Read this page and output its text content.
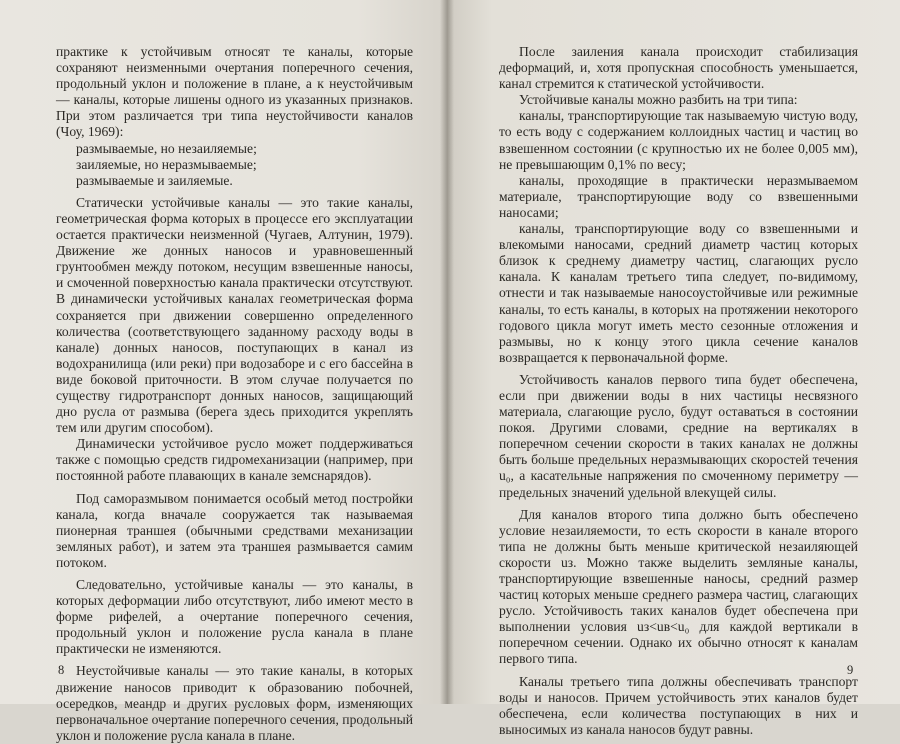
практике к устойчивым относят те каналы, которые сохраняют неизменными очертания поперечного сечения, продольный уклон и положение в плане, а к неустойчивым — каналы, которые лишены одного из указанных признаков. При этом различается три типа неустойчивости каналов (Чоу, 1969):

размываемые, но незаиляемые;

заиляемые, но неразмываемые;

размываемые и заиляемые.

Статически устойчивые каналы — это такие каналы, геометрическая форма которых в процессе его эксплуатации остается практически неизменной (Чугаев, Алтунин, 1979). Движение же донных наносов и уравновешенный грунтообмен между потоком, несущим взвешенные наносы, и смоченной поверхностью канала практически отсутствуют. В динамически устойчивых каналах геометрическая форма сохраняется при движении совершенно определенного количества (соответствующего заданному расходу воды в канале) донных наносов, поступающих в канал из водохранилища (или реки) при водозаборе и с его бассейна в виде боковой приточности. В этом случае получается по существу гидротранспорт донных наносов, защищающий дно русла от размыва (берега здесь приходится укреплять тем или другим способом).

Динамически устойчивое русло может поддерживаться также с помощью средств гидромеханизации (например, при постоянной работе плавающих в канале земснарядов).

Под саморазмывом понимается особый метод постройки канала, когда вначале сооружается так называемая пионерная траншея (обычными средствами механизации земляных работ), и затем эта траншея размывается самим потоком.

Следовательно, устойчивые каналы — это каналы, в которых деформации либо отсутствуют, либо имеют место в форме рифелей, а очертание поперечного сечения, продольный уклон и положение русла канала в плане практически не изменяются.

Неустойчивые каналы — это такие каналы, в которых движение наносов приводит к образованию побочней, осередков, меандр и других русловых форм, изменяющих первоначальное очертание поперечного сечения, продольный уклон и положение русла канала в плане.

8

После заиления канала происходит стабилизация деформаций, и, хотя пропускная способность уменьшается, канал стремится к статической устойчивости.

Устойчивые каналы можно разбить на три типа:

каналы, транспортирующие так называемую чистую воду, то есть воду с содержанием коллоидных частиц и частиц во взвешенном состоянии (с крупностью их не более 0,005 мм), не превышающим 0,1% по весу;

каналы, проходящие в практически неразмываемом материале, транспортирующие воду со взвешенными наносами;

каналы, транспортирующие воду со взвешенными и влекомыми наносами, средний диаметр частиц которых близок к среднему диаметру частиц, слагающих русло канала. К каналам третьего типа следует, по-видимому, отнести и так называемые наносоустойчивые или режимные каналы, то есть каналы, в которых на протяжении некоторого годового цикла могут иметь место сезонные отложения и размывы, но к концу этого цикла сечение каналов возвращается к первоначальной форме.

Устойчивость каналов первого типа будет обеспечена, если при движении воды в них частицы несвязного материала, слагающие русло, будут оставаться в состоянии покоя. Другими словами, средние на вертикалях в поперечном сечении скорости в таких каналах не должны быть больше предельных неразмывающих скоростей течения u₀, а касательные напряжения по смоченному периметру — предельных значений удельной влекущей силы.

Для каналов второго типа должно быть обеспечено условие незаиляемости, то есть скорости в канале второго типа не должны быть меньше критической незаиляющей скорости uз. Можно также выделить земляные каналы, транспортирующие взвешенные наносы, средний размер частиц которых меньше среднего размера частиц, слагающих русло. Устойчивость таких каналов будет обеспечена при выполнении условия uз<uв<u₀ для каждой вертикали в поперечном сечении. Однако их обычно относят к каналам первого типа.

Каналы третьего типа должны обеспечивать транспорт воды и наносов. Причем устойчивость этих каналов будет обеспечена, если количества поступающих в них и выносимых из канала наносов будут равны.

9
